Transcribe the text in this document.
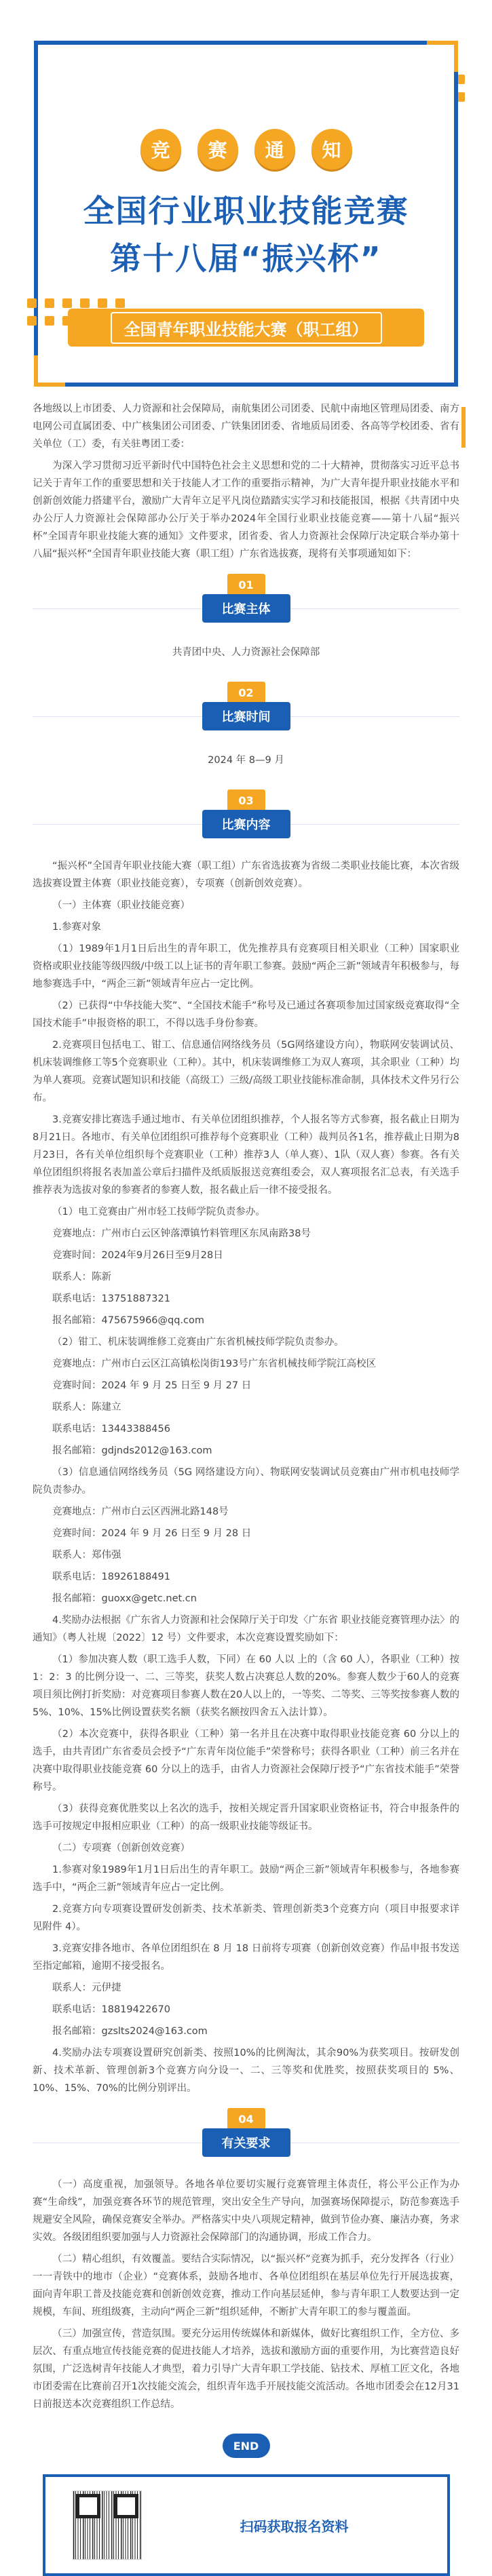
竞	赛	通	知
全国行业职业技能竞赛
第十八届“振兴杯”
全国青年职业技能大赛（职工组）

各地级以上市团委、人力资源和社会保障局，南航集团公司团委、民航中南地区管理局团委、南方电网公司直属团委、中广核集团公司团委、广铁集团团委、省地质局团委、各高等学校团委、省有关单位（工）委，有关驻粤团工委：

为深入学习贯彻习近平新时代中国特色社会主义思想和党的二十大精神，贯彻落实习近平总书记关于青年工作的重要思想和关于技能人才工作的重要指示精神，为广大青年提升职业技能水平和创新创效能力搭建平台，激励广大青年立足平凡岗位踏踏实实学习和技能报国，根据《共青团中央办公厅人力资源社会保障部办公厅关于举办2024年全国行业职业技能竞赛——第十八届“振兴杯”全国青年职业技能大赛的通知》文件要求，团省委、省人力资源社会保障厅决定联合举办第十八届“振兴杯”全国青年职业技能大赛（职工组）广东省选拔赛，现将有关事项通知如下：

01
比赛主体
共青团中央、人力资源社会保障部
02
比赛时间
2024 年 8—9 月
03
比赛内容

“振兴杯”全国青年职业技能大赛（职工组）广东省选拔赛为省级二类职业技能比赛，本次省级选拔赛设置主体赛（职业技能竞赛），专项赛（创新创效竞赛）。

（一）主体赛（职业技能竞赛）

1.参赛对象

（1）1989年1月1日后出生的青年职工，优先推荐具有竞赛项目相关职业（工种）国家职业资格或职业技能等级四级/中级工以上证书的青年职工参赛。鼓励“两企三新”领域青年积极参与，每地参赛选手中，“两企三新”领域青年应占一定比例。

（2）已获得“中华技能大奖”、“全国技术能手”称号及已通过各赛项参加过国家级竞赛取得“全国技术能手”申报资格的职工，不得以选手身份参赛。

2.竞赛项目包括电工、钳工、信息通信网络线务员（5G网络建设方向），物联网安装调试员、机床装调维修工等5个竞赛职业（工种）。其中，机床装调维修工为双人赛项，其余职业（工种）均为单人赛项。竞赛试题知识和技能（高级工）三级/高级工职业技能标准命制，具体技术文件另行公布。

3.竞赛安排比赛选手通过地市、有关单位团组织推荐，个人报名等方式参赛，报名截止日期为8月21日。各地市、有关单位团组织可推荐每个竞赛职业（工种）裁判员各1名，推荐截止日期为8月23日，各有关单位组织每个竞赛职业（工种）推荐3人（单人赛）、1队（双人赛）参赛。各有关单位团组织将报名表加盖公章后扫描件及纸质版报送竞赛组委会，双人赛项报名汇总表，有关选手推荐表为选拔对象的参赛者的参赛人数，报名截止后一律不接受报名。

（1）电工竞赛由广州市轻工技师学院负责参办。

竞赛地点：广州市白云区钟落潭镇竹料管理区东凤南路38号

竞赛时间：2024年9月26日至9月28日

联系人：陈新

联系电话：13751887321

报名邮箱：475675966@qq.com

（2）钳工、机床装调维修工竞赛由广东省机械技师学院负责参办。

竞赛地点：广州市白云区江高镇松岗街193号广东省机械技师学院江高校区

竞赛时间：2024 年 9 月 25 日至 9 月 27 日

联系人：陈建立

联系电话：13443388456

报名邮箱：gdjnds2012@163.com

（3）信息通信网络线务员（5G 网络建设方向）、物联网安装调试员竞赛由广州市机电技师学院负责参办。

竞赛地点：广州市白云区西洲北路148号

竞赛时间：2024 年 9 月 26 日至 9 月 28 日

联系人：郑伟强

联系电话：18926188491

报名邮箱：guoxx@getc.net.cn

4.奖励办法根据《广东省人力资源和社会保障厅关于印发〈广东省 职业技能竞赛管理办法〉的通知》（粤人社规〔2022〕12 号）文件要求，本次竞赛设置奖励如下：

（1）参加决赛人数（职工选手人数，下同）在 60 人以 上的（含 60 人），各职业（工种）按1：2：3 的比例分设一、二、三等奖，获奖人数占决赛总人数的20%。参赛人数少于60人的竞赛项目须比例打折奖励：对竞赛项目参赛人数在20人以上的，一等奖、二等奖、三等奖按参赛人数的 5%、10%、15%比例设置获奖名额（获奖名额按四舍五入法计算）。

（2）本次竞赛中，获得各职业（工种）第一名并且在决赛中取得职业技能竞赛 60 分以上的选手，由共青团广东省委员会授予“广东青年岗位能手”荣誉称号；获得各职业（工种）前三名并在决赛中取得职业技能竞赛 60 分以上的选手，由省人力资源社会保障厅授予“广东省技术能手”荣誉称号。

（3）获得竞赛优胜奖以上名次的选手，按相关规定晋升国家职业资格证书，符合申报条件的选手可按规定申报相应职业（工种）的高一级职业技能等级证书。

（二）专项赛（创新创效竞赛）

1.参赛对象1989年1月1日后出生的青年职工。鼓励“两企三新”领域青年积极参与，各地参赛选手中，“两企三新”领域青年应占一定比例。

2.竞赛方向专项赛设置研发创新类、技术革新类、管理创新类3个竞赛方向（项目申报要求详见附件 4）。

3.竞赛安排各地市、各单位团组织在 8 月 18 日前将专项赛（创新创效竞赛）作品申报书发送至指定邮箱，逾期不接受报名。

联系人：元伊捷

联系电话：18819422670

报名邮箱：gzslts2024@163.com

4.奖励办法专项赛设置研究创新类、按照10%的比例淘汰，其余90%为获奖项目。按研发创新、技术革新、管理创新3个竞赛方向分设一、二、三等奖和优胜奖，按照获奖项目的 5%、10%、15%、70%的比例分别评出。

04
有关要求

（一）高度重视，加强领导。各地各单位要切实履行竞赛管理主体责任，将公平公正作为办赛“生命线”，加强竞赛各环节的规范管理，突出安全生产导向，加强赛场保障提示，防范参赛选手规避安全风险，确保竞赛安全举办。严格落实中央八项规定精神，做到节俭办赛、廉洁办赛，务求实效。各级团组织要加强与人力资源社会保障部门的沟通协调，形成工作合力。

（二）精心组织，有效覆盖。要结合实际情况，以“振兴杯”竞赛为抓手，充分发挥各（行业）一一青铁中的地市（企业）“竞赛体系，鼓励各地市、各单位团组织在基层单位先行开展选拔赛，面向青年职工普及技能竞赛和创新创效竞赛，推动工作向基层延伸，参与青年职工人数要达到一定规模，车间、班组级赛，主动向“两企三新”组织延伸，不断扩大青年职工的参与覆盖面。

（三）加强宣传，营造氛围。要充分运用传统媒体和新媒体，做好比赛组织工作，全方位、多层次、有重点地宣传技能竞赛的促进技能人才培养，选拔和激励方面的重要作用，为比赛营造良好氛围，广泛选树青年技能人才典型，着力引导广大青年职工学技能、钻技术、厚植工匠文化，各地市团委需在比赛前召开1次技能交流会，组织青年选手开展技能交流活动。各地市团委会在12月31日前报送本次竞赛组织工作总结。

END
扫码获取报名资料
